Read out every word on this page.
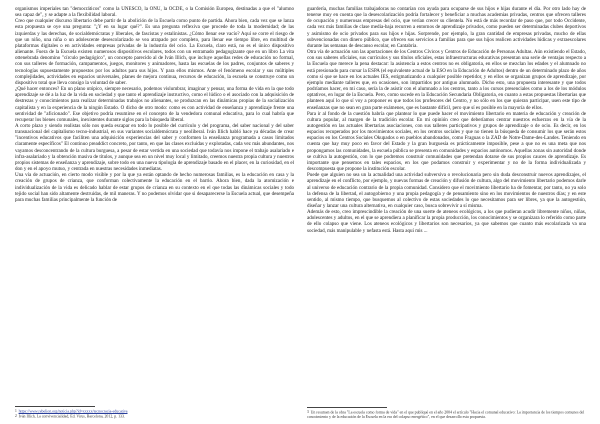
organismos imperiales tan "democráticos" como la UNESCO, la ONU, la OCDE, o la Comisión Europea, destinadas a que el "alumno sea capaz de", y se adapte a la flexibilidad laboral.

Creo que cualquier discurso libertario debe partir de la abolición de la Escuela como punto de partida. Ahora bien, cada vez que se lanza esta propuesta se oye una pregunta: "¿Y en su lugar qué?". Es una pregunta reflexiva que procede de toda la modernidad; de las izquierdas y las derechas, de socialdemócratas y liberales, de fascistas y estalinistas. ¿Cómo llenar ese vacío? Aquí se corre el riesgo de que un niño, una niña o un adolescente desescolarizado se vea atrapado por completo, para llenar ese tiempo libre, en multitud de plataformas digitales o en actividades empresas privadas de la industria del ocio. La Escuela, claro está, no es el único dispositivo alienante. Fuera de la Escuela existen numerosos dispositivos escolares, todos con un entramado pedagogizante que en un libro La vita ottenebrada denomino "círculo pedagógico", un concepto parecido al de Iván Illich, que incluye aquellas redes de educación no formal, con sus talleres de formación, campamentos, juegos, monitores y animadores, hasta las escuelas de los padres, conjuntos de saberes y tecnologías supuestamente propuestos por los adultos para sus hijos. Y para ellos mismos. Ante el fenómeno escolar y sus múltiples complejidades, actividades en espacios universales, planes de mejora continua, recursos de educación, la escuela se construye como un dispositivo total que lleva consigo la voluntad de saber.

¿Qué hacer entonces? En un plano utópico, siempre necesario, podemos vislumbrar, imaginar y pensar, una forma de vida en la que todo aprendizaje se dé a la luz de la vida en sociedad y que tanto el aprendizaje instructivo, como el lúdico o el asociado con la adquisición de destrezas y conocimientos para realizar determinadas trabajos no alienantes, se produzcan en las dinámicas propias de la socialización capitalista y en la experiencia de la ningún Estado. O dicho de otro modo: como es con actividad de enseñanza y aprendizaje frente una sentividad de "aficionado". Ese objetivo podría resumirse en el concepto de la vendedora comunal educativa, para lo cual habría que recuperar los bienes comunales, inexistentes durante siglos para la búsqueda liberal.

A corto plazo y siendo realistas sólo nos queda escapar en todo lo posible del currículo y del programa, del saber nacional y del saber transnacional del capitalismo tecno-industrial, en sus variantes socialdemócrata y neoliberal. Iván Illich habló hace ya décadas de crear "incentivos educativos que faciliten una adquisición experiencias del saber y conformen la enseñanza programada a casos limitados claramente específicos" El continuo preaddict concreto, por tanto, en que las clases excluidas y explotadas, cada vez más abundantes, nos vayamos desconcentrando de la cultura burguesa, a pesar de estar vertida en una sociedad que todavía nos impone el trabajo asalariado e infra-asalariado y la obtención masiva de títulos, y aunque sea en un nivel muy local y limitado, creemos nuestra propia cultura y nuestros propios sistemas de enseñanza y aprendizaje, sobre todo en una nueva tipología de aprendizaje basado en el placer, en la curiosidad, en el don y en el apoyo mutuo, y centrada en nuestras necesidades inmediatas.

Una vía de actuación, en cierto modo visible y por la que ya están optando de hecho numerosas familias, es la educación en casa y la creación de grupos de crianza, que conforman colectivamente la educación en el barrio. Ahora bien, dada la atomización e individualización de la vida es delicado hablar de estar grupos de crianza en su contexto en el que todas las dinámicas sociales y todo tejido social han sido altamente destruidas, de mil maneras. Y no podemos olvidar que si desaparecerse la Escuela actual, que desempeña para muchas familias principalmente la función de

1 https://www.rebelion.org/noticia.php?id=xxxxx/tecnocracia-educativa
2 Iván Illich, La convivencialidad, Ed. Virus, Barcelona, 2012, p. 133.

guardería, muchas familias trabajadoras no contarían con ayuda para ocuparse de sus hijos e hijas durante el día. Por otro lado hay de tenerse muy en cuenta que la desescolarización podría fortalecer y beneficiar a muchas academias privadas, centros que ofrecen talleres de ocupación y numerosas empresas del ocio, que verían crecer su clientela. No está de más recordar de paso que, por todo Occidente, cada vez más familias de clase media-baja recurren a entornos de aprendizaje privados, como pueden ser determinadas clubes deportivos y asimismo de ocio privados para sus hijos e hijas. Sorprende, por ejemplo, la gran cantidad de empresas privadas, mucho de ellas subvencionadas con dinero público, que ofrecen sus servicios a familias para que sus hijos realicen actividades lúdicas y extraescolares durante las semanas de descanso escolar, en Cantabria.

Otra vía de actuación son las aportaciones de los Centros Cívicos y Centros de Educación de Personas Adultas. Aún existiendo el Estado, con sus saberes oficiales, sus currículos y sus títulos oficiales, estas infraestructuras educativas presentan una serie de ventajas respecto a la Escuela que merece la pena destacar: la asistencia a estos centros no es obligatoria, en ellos se mezclan los edades y el alumnado no está presionado para cursar la ESPA (el equivalente actual de la ESO en la Educación de Adultos) dentro de un determinado plazo de años como sí que se hace en los actuales IES, estigmatizando a cualquier posible repetidor, y en ellos se organizan grupos de aprendizaje, por ejemplo mediante talleres que, en ocasiones, son impartidos por antiguo alumnado. Dicho esto, una propuesta interesante y que todos podríamos hacer, en mi caso, sería la de asistir con el alumnado a los centros, tanto a los cursos presenciales como a los de los módulos optativos, en lugar de la Escuela. Pero, como sucede en la Educación Secundaria Obligatoria, en cuanto a estas propuestas libertarias que planteen aquí lo que sí voy a proponer es que todos los profesores del Centro, y no sólo en los que quieran participar, usen este tipo de enseñanzas que no sean en gran parte exámenes, que es bastante difícil, pero que sí es posible en la mayoría de ellos.

Para ir al fondo de la cuestión habría que plantear lo que puede hacer el movimiento libertario en materia de educación y creación de cultura popular, al margen de la tradición escolar. En mi opinión creo que deberíamos centrar nuestros esfuerzos en la vía de la autogestión en las actuales libertarias asociaciones, con sus talleres participativos y grupos de aprendizaje o de ocio. Es decir, en los espacios recuperados por los movimientos sociales, en los centros sociales y que no tienen la búsqueda de consumir los que serán estos espacios en los Centros Sociales Okupados o en pueblos abandonados, como Fraguas o la ZAD de Notre-Dame-des-Landes. Teniendo en cuenta que hay muy poco en favor del Estado y la gran burguesía es prácticamente imposible, pese a que no es una meta que nos propongamos las comunidades, la escuela pública se presenta en comunidades y espacios autónomos. Aquellas zonas sin autoridad donde se cultiva la autogestión, con lo que podremos construir comunidades que pretendan dotarse de sus propios cauces de aprendizaje. Es importante que pensemos en tales espacios, en los que podamos construir y experimentar y no de la forma individualizada y descompuesta que propone la institución escolar.

Puede que alguien no sea un la actualidad una actividad subversiva o revolucionaria pero sin duda desconstruir nuevos aprendizajes, el aprendizaje en el conflicto, por ejemplo, y nuevas formas de creación y difusión de cultura, algo del movimiento libertario podemos darle al universo de educación contrario de la propia comunidad. Considero que el movimiento libertario ha de fomentar, por tanto, no ya solo la defensa de la libertad, el autogobierno y una propia pedagogía y de pensamiento sino en los movimientos de nuestros días; y en este sentido, al mismo tiempo, que busquemos al colectivo de estas sociedades lo que necesitamos para ser libres, ya que la autogestión, diseñar y lanzar una cultura alternativa, en cualquier caso, busca sobrevivir a sí misma.

Además de esto, creo imprescindible la creación de una suerte de ateneos ecológicos, a los que pudieran acudir libremente niños, niñas, adolescentes y adultos, en el que se aprendiera a planificar la propia producción, los conocimientos y se organizara lo referido como parte de ello colapso que viene. Los ateneos ecológicos y libertarios son necesarios, ya que sabemos que cuanto más escolarizada va una sociedad, más manipulable y nefasta está. Hasta aquí mis ...

3 Un resumen de la obra "La escuela como forma de vida" en el que publiqué en el año 2004 el artículo "Hacia el comunal educativo: La importancia de los tiempos comunes del conocimiento y de la educación de la Escuela en la era del colapso energético", en el que desarrollo esta propuesta.
